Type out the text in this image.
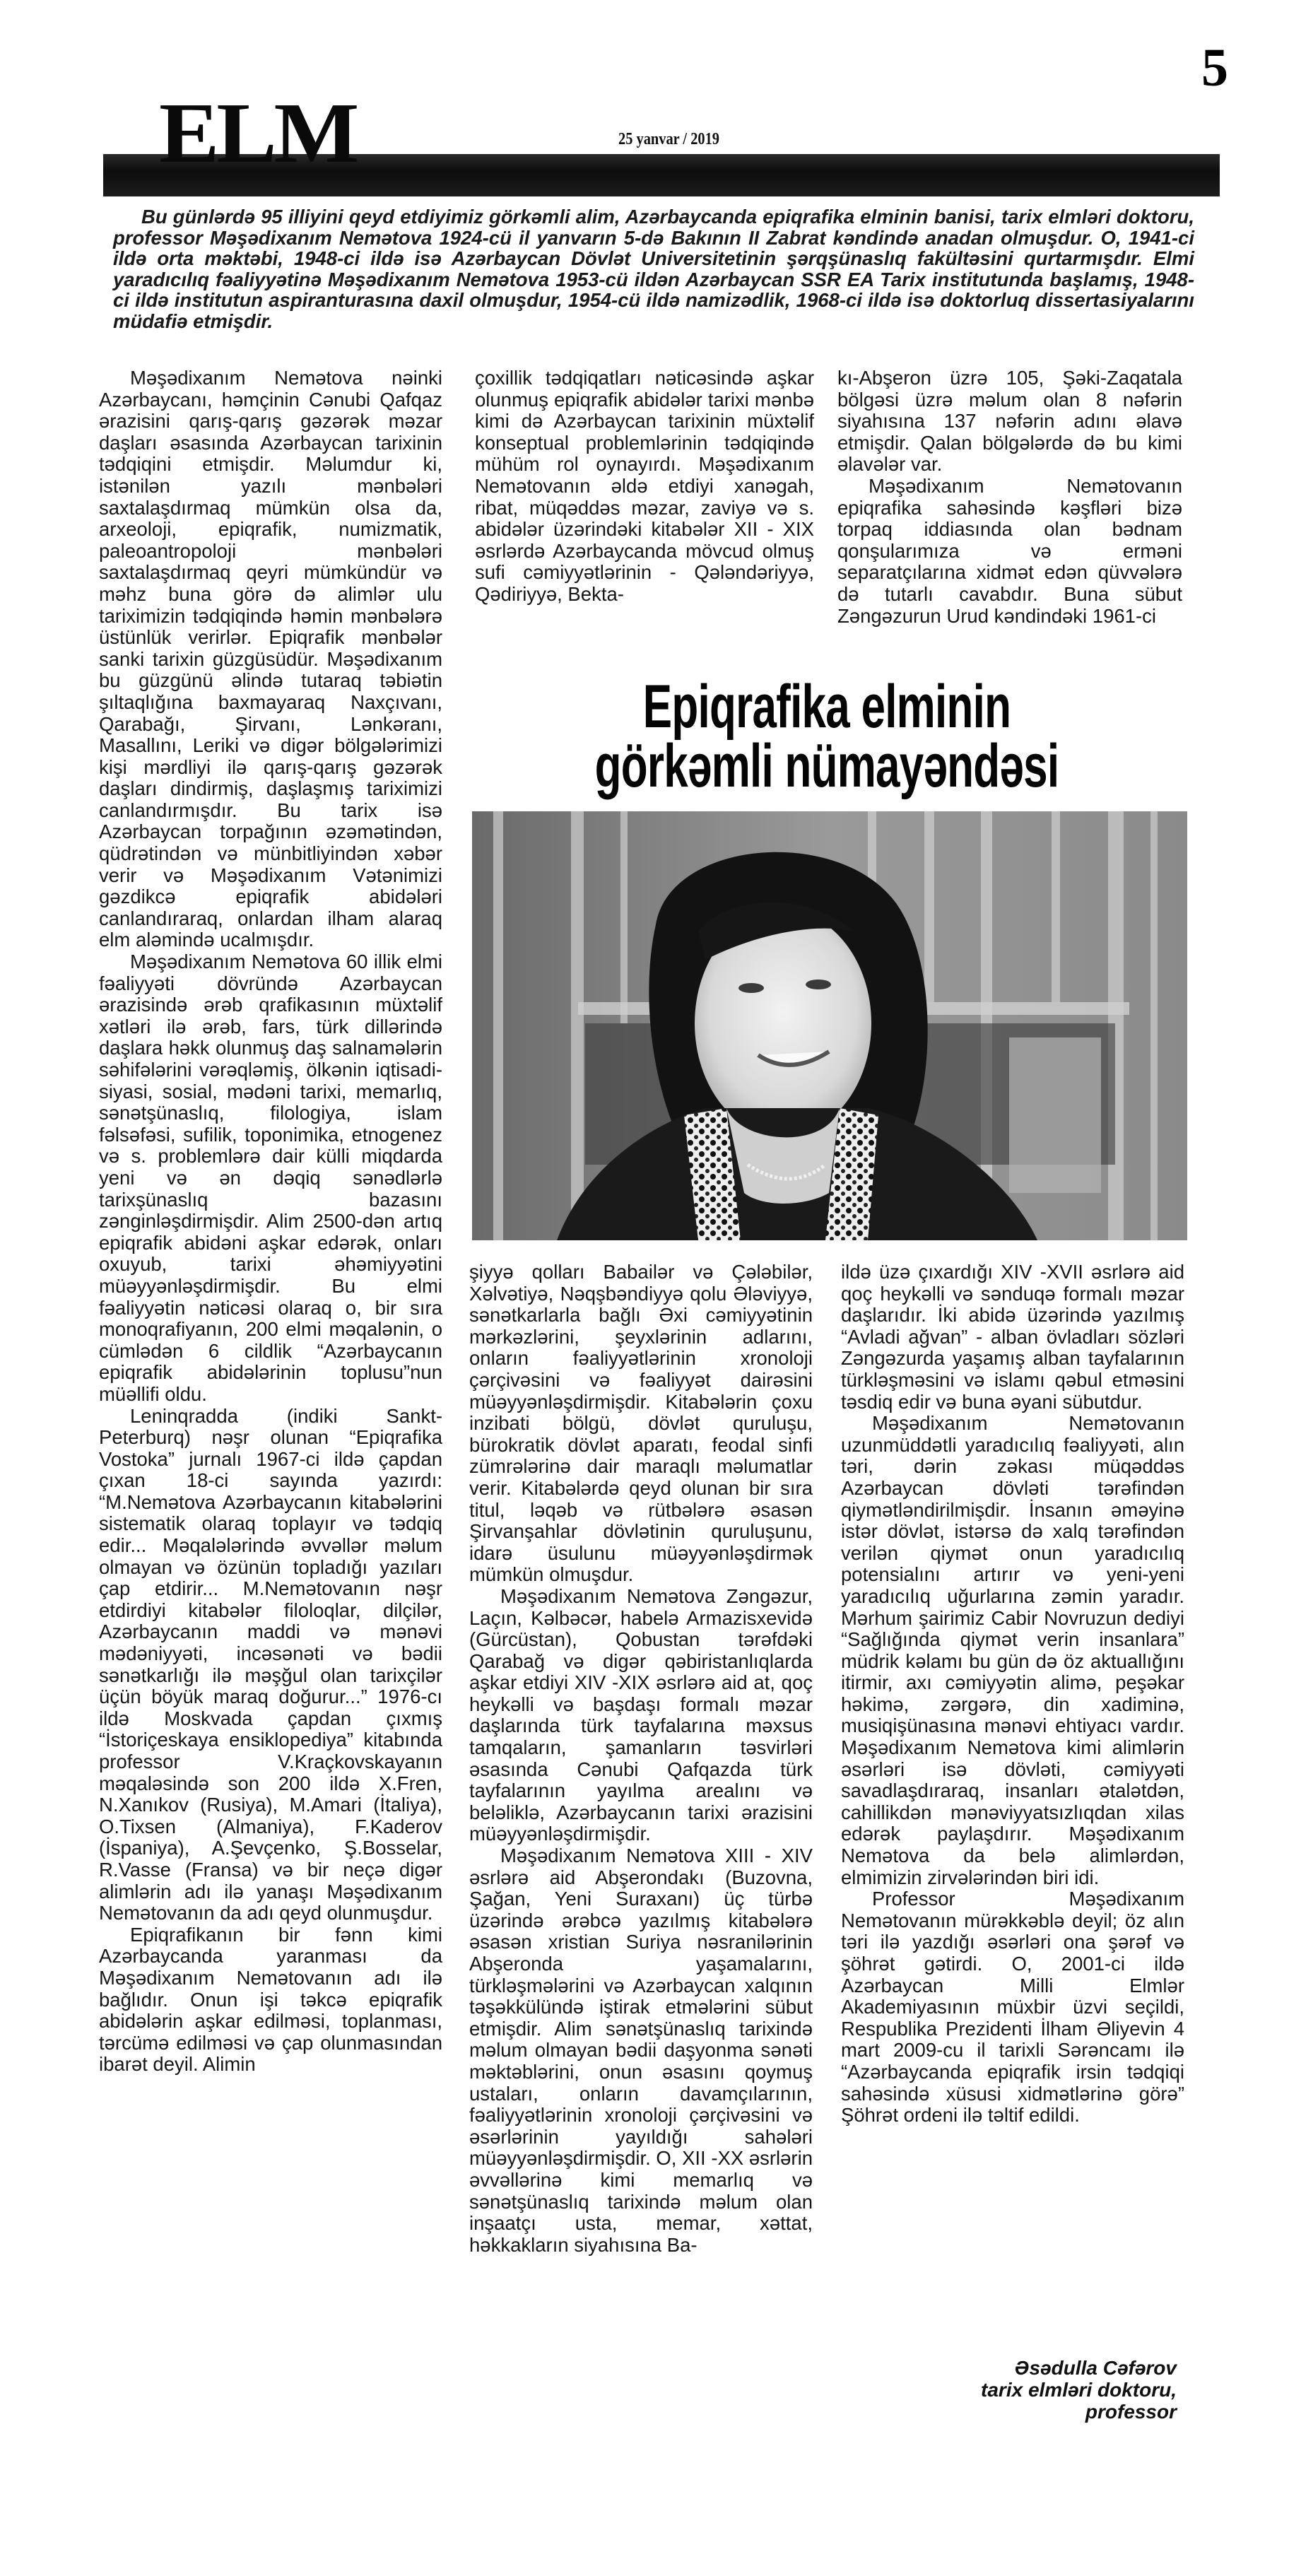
5
ELM	25 yanvar / 2019
Bu günlərdə 95 illiyini qeyd etdiyimiz görkəmli alim, Azərbaycanda epiqrafika elminin banisi, tarix elmləri doktoru, professor Məşədixanım Nemətova 1924-cü il yanvarın 5-də Bakının II Zabrat kəndində anadan olmuşdur. O, 1941-ci ildə orta məktəbi, 1948-ci ildə isə Azərbaycan Dövlət Universitetinin şərqşünaslıq fakültəsini qurtarmışdır. Elmi yaradıcılıq fəaliyyətinə Məşədixanım Nemətova 1953-cü ildən Azərbaycan SSR EA Tarix institutunda başlamış, 1948-ci ildə institutun aspiranturasına daxil olmuşdur, 1954-cü ildə namizədlik, 1968-ci ildə isə doktorluq dissertasiyalarını müdafiə etmişdir.

Məşədixanım Nemətova nəinki Azərbaycanı, həmçinin Cənubi Qafqaz ərazisini qarış-qarış gəzərək məzar daşları əsasında Azərbaycan tarixinin tədqiqini etmişdir. Məlumdur ki, istənilən yazılı mənbələri saxtalaşdırmaq mümkün olsa da, arxeoloji, epiqrafik, numizmatik, paleoantropoloji mənbələri saxtalaşdırmaq qeyri mümkündür və məhz buna görə də alimlər ulu tariximizin tədqiqində həmin mənbələrə üstünlük verirlər. Epiqrafik mənbələr sanki tarixin güzgüsüdür. Məşədixanım bu güzgünü əlində tutaraq təbiətin şıltaqlığına baxmayaraq Naxçıvanı, Qarabağı, Şirvanı, Lənkəranı, Masallını, Leriki və digər bölgələrimizi kişi mərdliyi ilə qarış-qarış gəzərək daşları dindirmiş, daşlaşmış tariximizi canlandırmışdır. Bu tarix isə Azərbaycan torpağının əzəmətindən, qüdrətindən və münbitliyindən xəbər verir və Məşədixanım Vətənimizi gəzdikcə epiqrafik abidələri canlandıraraq, onlardan ilham alaraq elm aləmində ucalmışdır.

Məşədixanım Nemətova 60 illik elmi fəaliyyəti dövründə Azərbaycan ərazisində ərəb qrafikasının müxtəlif xətləri ilə ərəb, fars, türk dillərində daşlara həkk olunmuş daş salnamələrin səhifələrini vərəqləmiş, ölkənin iqtisadi-siyasi, sosial, mədəni tarixi, memarlıq, sənətşünaslıq, filologiya, islam fəlsəfəsi, sufilik, toponimika, etnogenez və s. problemlərə dair külli miqdarda yeni və ən dəqiq sənədlərlə tarixşünaslıq bazasını zənginləşdirmişdir. Alim 2500-dən artıq epiqrafik abidəni aşkar edərək, onları oxuyub, tarixi əhəmiyyətini müəyyənləşdirmişdir. Bu elmi fəaliyyətin nəticəsi olaraq o, bir sıra monoqrafiyanın, 200 elmi məqalənin, o cümlədən 6 cildlik “Azərbaycanın epiqrafik abidələrinin toplusu”nun müəllifi oldu.

Leninqradda (indiki Sankt-Peterburq) nəşr olunan “Epiqrafika Vostoka” jurnalı 1967-ci ildə çapdan çıxan 18-ci sayında yazırdı: “M.Nemətova Azərbaycanın kitabələrini sistematik olaraq toplayır və tədqiq edir... Məqalələrində əvvəllər məlum olmayan və özünün topladığı yazıları çap etdirir... M.Nemətovanın nəşr etdirdiyi kitabələr filoloqlar, dilçilər, Azərbaycanın maddi və mənəvi mədəniyyəti, incəsənəti və bədii sənətkarlığı ilə məşğul olan tarixçilər üçün böyük maraq doğurur...” 1976-cı ildə Moskvada çapdan çıxmış “İstoriçeskaya ensiklopediya” kitabında professor V.Kraçkovskayanın məqaləsində son 200 ildə X.Fren, N.Xanıkov (Rusiya), M.Amari (İtaliya), O.Tixsen (Almaniya), F.Kaderov (İspaniya), A.Şevçenko, Ş.Bosselar, R.Vasse (Fransa) və bir neçə digər alimlərin adı ilə yanaşı Məşədixanım Nemətovanın da adı qeyd olunmuşdur.

Epiqrafikanın bir fənn kimi Azərbaycanda yaranması da Məşədixanım Nemətovanın adı ilə bağlıdır. Onun işi təkcə epiqrafik abidələrin aşkar edilməsi, toplanması, tərcümə edilməsi və çap olunmasından ibarət deyil. Alimin

çoxillik tədqiqatları nəticəsində aşkar olunmuş epiqrafik abidələr tarixi mənbə kimi də Azərbaycan tarixinin müxtəlif konseptual problemlərinin tədqiqində mühüm rol oynayırdı. Məşədixanım Nemətovanın əldə etdiyi xanəgah, ribat, müqəddəs məzar, zaviyə və s. abidələr üzərindəki kitabələr XII - XIX əsrlərdə Azərbaycanda mövcud olmuş sufi cəmiyyətlərinin - Qələndəriyyə, Qədiriyyə, Bekta-

kı-Abşeron üzrə 105, Şəki-Zaqatala bölgəsi üzrə məlum olan 8 nəfərin siyahısına 137 nəfərin adını əlavə etmişdir. Qalan bölgələrdə də bu kimi əlavələr var.

Məşədixanım Nemətovanın epiqrafika sahəsində kəşfləri bizə torpaq iddiasında olan bədnam qonşularımıza və erməni separatçılarına xidmət edən qüvvələrə də tutarlı cavabdır. Buna sübut Zəngəzurun Urud kəndindəki 1961-ci

Epiqrafika elminin
görkəmli nümayəndəsi

şiyyə qolları Babailər və Çələbilər, Xəlvətiyə, Nəqşbəndiyyə qolu Ələviyyə, sənətkarlarla bağlı Əxi cəmiyyətinin mərkəzlərini, şeyxlərinin adlarını, onların fəaliyyətlərinin xronoloji çərçivəsini və fəaliyyət dairəsini müəyyənləşdirmişdir. Kitabələrin çoxu inzibati bölgü, dövlət quruluşu, bürokratik dövlət aparatı, feodal sinfi zümrələrinə dair maraqlı məlumatlar verir. Kitabələrdə qeyd olunan bir sıra titul, ləqəb və rütbələrə əsasən Şirvanşahlar dövlətinin quruluşunu, idarə üsulunu müəyyənləşdirmək mümkün olmuşdur.

Məşədixanım Nemətova Zəngəzur, Laçın, Kəlbəcər, habelə Armazisxevidə (Gürcüstan), Qobustan tərəfdəki Qarabağ və digər qəbiristanlıqlarda aşkar etdiyi XIV -XIX əsrlərə aid at, qoç heykəlli və başdaşı formalı məzar daşlarında türk tayfalarına məxsus tamqaların, şamanların təsvirləri əsasında Cənubi Qafqazda türk tayfalarının yayılma arealını və beləliklə, Azərbaycanın tarixi ərazisini müəyyənləşdirmişdir.

Məşədixanım Nemətova XIII - XIV əsrlərə aid Abşerondakı (Buzovna, Şağan, Yeni Suraxanı) üç türbə üzərində ərəbcə yazılmış kitabələrə əsasən xristian Suriya nəsranilərinin Abşeronda yaşamalarını, türkləşmələrini və Azərbaycan xalqının təşəkkülündə iştirak etmələrini sübut etmişdir. Alim sənətşünaslıq tarixində məlum olmayan bədii daşyonma sənəti məktəblərini, onun əsasını qoymuş ustaları, onların davamçılarının, fəaliyyətlərinin xronoloji çərçivəsini və əsərlərinin yayıldığı sahələri müəyyənləşdirmişdir. O, XII -XX əsrlərin əvvəllərinə kimi memarlıq və sənətşünaslıq tarixində məlum olan inşaatçı usta, memar, xəttat, həkkakların siyahısına Ba-

ildə üzə çıxardığı XIV -XVII əsrlərə aid qoç heykəlli və sənduqə formalı məzar daşlarıdır. İki abidə üzərində yazılmış “Avladi ağvan” - alban övladları sözləri Zəngəzurda yaşamış alban tayfalarının türkləşməsini və islamı qəbul etməsini təsdiq edir və buna əyani sübutdur.

Məşədixanım Nemətovanın uzunmüddətli yaradıcılıq fəaliyyəti, alın təri, dərin zəkası müqəddəs Azərbaycan dövləti tərəfindən qiymətləndirilmişdir. İnsanın əməyinə istər dövlət, istərsə də xalq tərəfindən verilən qiymət onun yaradıcılıq potensialını artırır və yeni-yeni yaradıcılıq uğurlarına zəmin yaradır. Mərhum şairimiz Cabir Novruzun dediyi “Sağlığında qiymət verin insanlara” müdrik kəlamı bu gün də öz aktuallığını itirmir, axı cəmiyyətin alimə, peşəkar həkimə, zərgərə, din xadiminə, musiqişünasına mənəvi ehtiyacı vardır. Məşədixanım Nemətova kimi alimlərin əsərləri isə dövləti, cəmiyyəti savadlaşdıraraq, insanları ətalətdən, cahillikdən mənəviyyatsızlıqdan xilas edərək paylaşdırır. Məşədixanım Nemətova da belə alimlərdən, elmimizin zirvələrindən biri idi.

Professor Məşədixanım Nemətovanın mürəkkəblə deyil; öz alın təri ilə yazdığı əsərləri ona şərəf və şöhrət gətirdi. O, 2001-ci ildə Azərbaycan Milli Elmlər Akademiyasının müxbir üzvi seçildi, Respublika Prezidenti İlham Əliyevin 4 mart 2009-cu il tarixli Sərəncamı ilə “Azərbaycanda epiqrafik irsin tədqiqi sahəsində xüsusi xidmətlərinə görə” Şöhrət ordeni ilə təltif edildi.

Əsədulla Cəfərov
tarix elmləri doktoru,
professor
